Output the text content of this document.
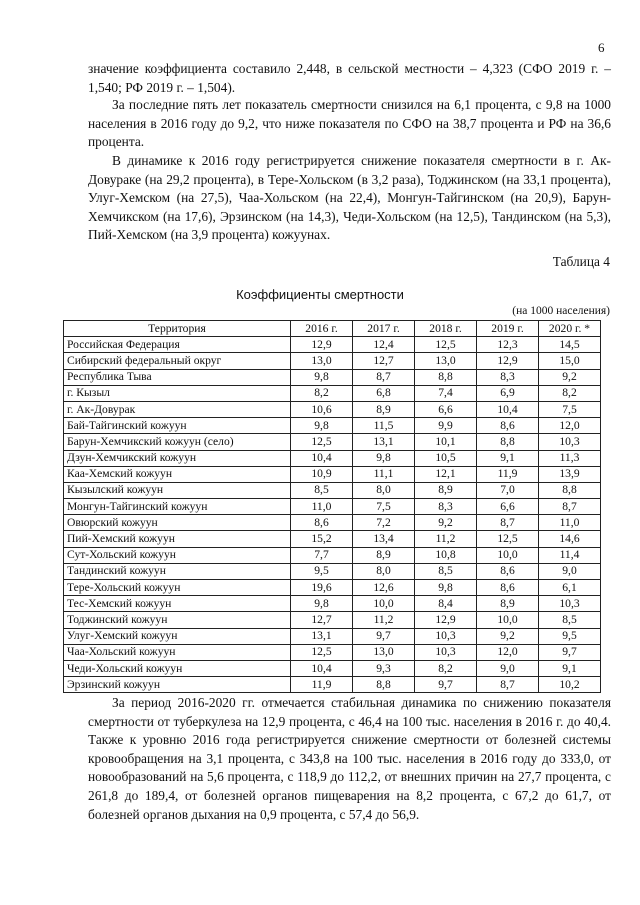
6

значение коэффициента составило 2,448, в сельской местности – 4,323 (СФО 2019 г. – 1,540; РФ 2019 г. – 1,504).

За последние пять лет показатель смертности снизился на 6,1 процента, с 9,8 на 1000 населения в 2016 году до 9,2, что ниже показателя по СФО на 38,7 процента и РФ на 36,6 процента.

В динамике к 2016 году регистрируется снижение показателя смертности в г. Ак-Довураке (на 29,2 процента), в Тере-Хольском (в 3,2 раза), Тоджинском (на 33,1 процента), Улуг-Хемском (на 27,5), Чаа-Хольском (на 22,4), Монгун-Тайгинском (на 20,9), Барун-Хемчикском (на 17,6), Эрзинском (на 14,3), Чеди-Хольском (на 12,5), Тандинском (на 5,3), Пий-Хемском (на 3,9 процента) кожуунах.

Таблица 4
Коэффициенты смертности
(на 1000 населения)
Территория	2016 г.	2017 г.	2018 г.	2019 г.	2020 г. *
Российская Федерация	12,9	12,4	12,5	12,3	14,5
Сибирский федеральный округ	13,0	12,7	13,0	12,9	15,0
Республика Тыва	9,8	8,7	8,8	8,3	9,2
г. Кызыл	8,2	6,8	7,4	6,9	8,2
г. Ак-Довурак	10,6	8,9	6,6	10,4	7,5
Бай-Тайгинский кожуун	9,8	11,5	9,9	8,6	12,0
Барун-Хемчикский кожуун (село)	12,5	13,1	10,1	8,8	10,3
Дзун-Хемчикский кожуун	10,4	9,8	10,5	9,1	11,3
Каа-Хемский кожуун	10,9	11,1	12,1	11,9	13,9
Кызылский кожуун	8,5	8,0	8,9	7,0	8,8
Монгун-Тайгинский кожуун	11,0	7,5	8,3	6,6	8,7
Овюрский кожуун	8,6	7,2	9,2	8,7	11,0
Пий-Хемский кожуун	15,2	13,4	11,2	12,5	14,6
Сут-Хольский кожуун	7,7	8,9	10,8	10,0	11,4
Тандинский кожуун	9,5	8,0	8,5	8,6	9,0
Тере-Хольский кожуун	19,6	12,6	9,8	8,6	6,1
Тес-Хемский кожуун	9,8	10,0	8,4	8,9	10,3
Тоджинский кожуун	12,7	11,2	12,9	10,0	8,5
Улуг-Хемский кожуун	13,1	9,7	10,3	9,2	9,5
Чаа-Хольский кожуун	12,5	13,0	10,3	12,0	9,7
Чеди-Хольский кожуун	10,4	9,3	8,2	9,0	9,1
Эрзинский кожуун	11,9	8,8	9,7	8,7	10,2

За период 2016-2020 гг. отмечается стабильная динамика по снижению показателя смертности от туберкулеза на 12,9 процента, с 46,4 на 100 тыс. населения в 2016 г. до 40,4. Также к уровню 2016 года регистрируется снижение смертности от болезней системы кровообращения на 3,1 процента, с 343,8 на 100 тыс. населения в 2016 году до 333,0, от новообразований на 5,6 процента, с 118,9 до 112,2, от внешних причин на 27,7 процента, с 261,8 до 189,4, от болезней органов пищеварения на 8,2 процента, с 67,2 до 61,7, от болезней органов дыхания на 0,9 процента, с 57,4 до 56,9.
